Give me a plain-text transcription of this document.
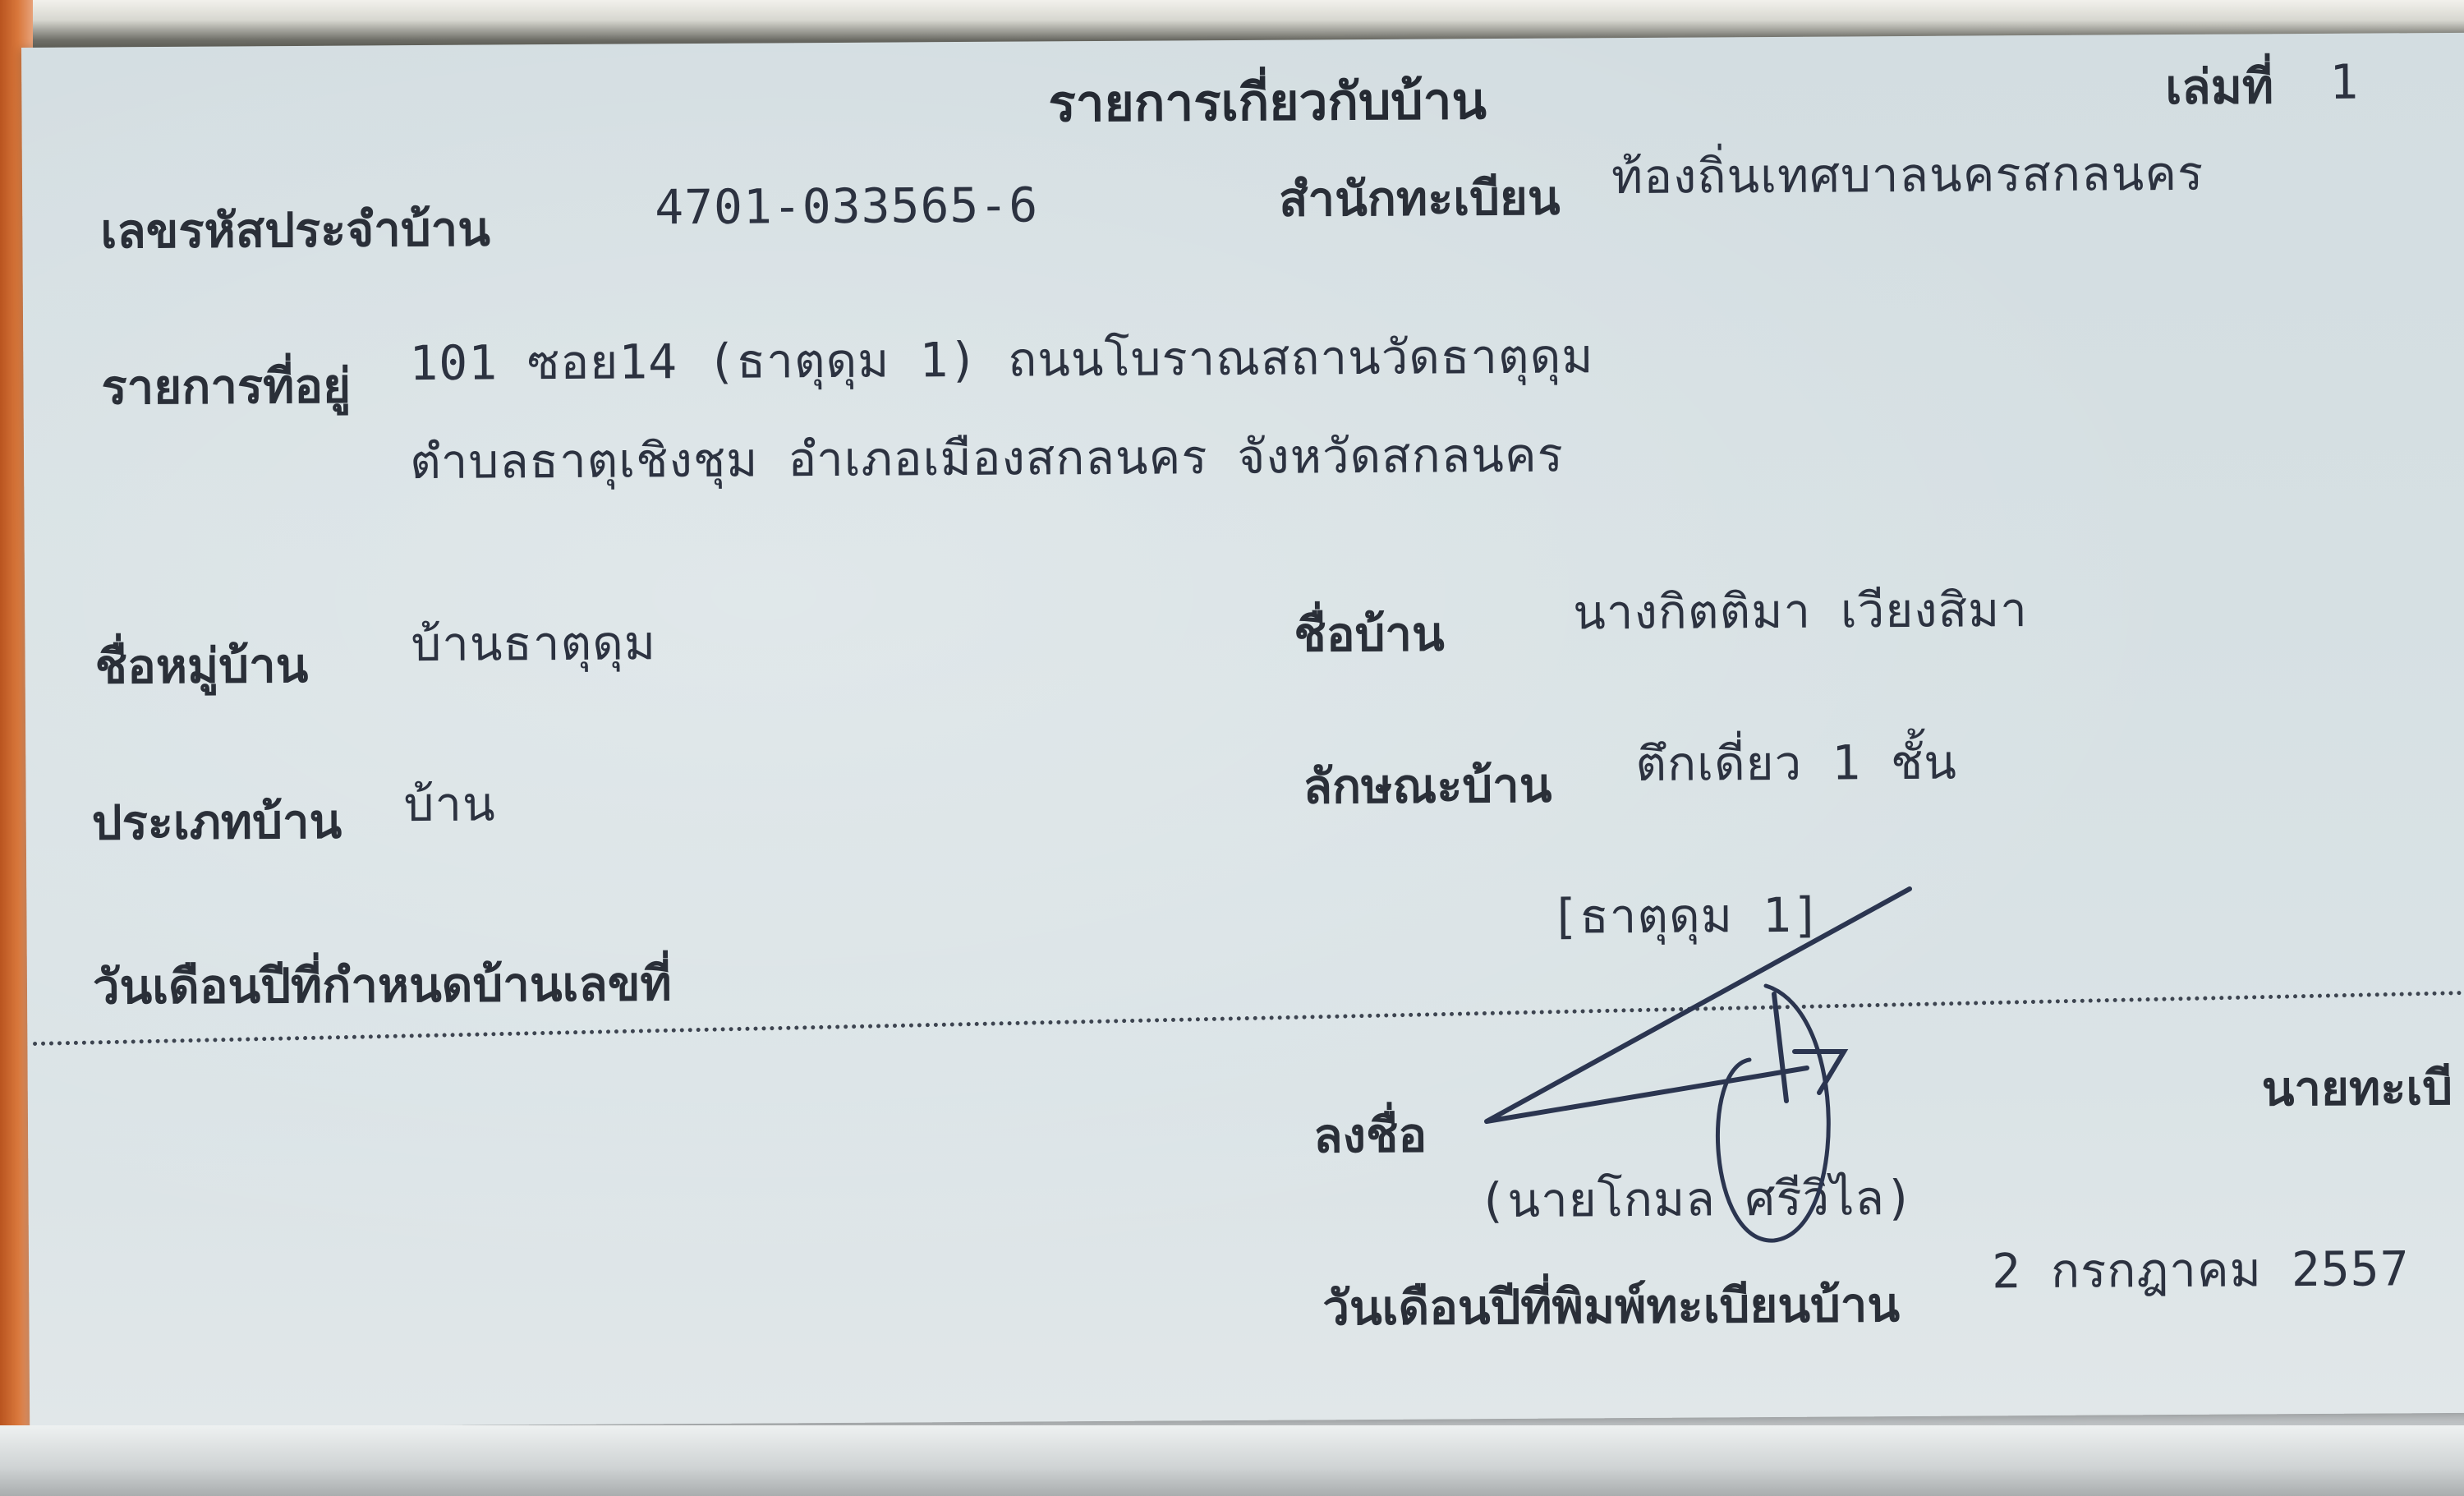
รายการเกี่ยวกับบ้าน	เล่มที่ 1
เลขรหัสประจำบ้าน	4701-033565-6	สำนักทะเบียน ท้องถิ่นเทศบาลนครสกลนคร
รายการที่อยู่ 101 ซอย14 (ธาตุดุม 1) ถนนโบราณสถานวัดธาตุดุม
ตำบลธาตุเชิงชุม อำเภอเมืองสกลนคร จังหวัดสกลนคร
ชื่อหมู่บ้าน บ้านธาตุดุม	ชื่อบ้าน	นางกิตติมา เวียงสิมา
ประเภทบ้าน บ้าน	ลักษณะบ้าน ตึกเดี่ยว 1 ชั้น
วันเดือนปีที่กำหนดบ้านเลขที่
[ธาตุดุม 1]
ลงชื่อ
นายทะเบี
(นายโกมล ศรีวิไล)
วันเดือนปีที่พิมพ์ทะเบียนบ้าน
2 กรกฎาคม 2557
